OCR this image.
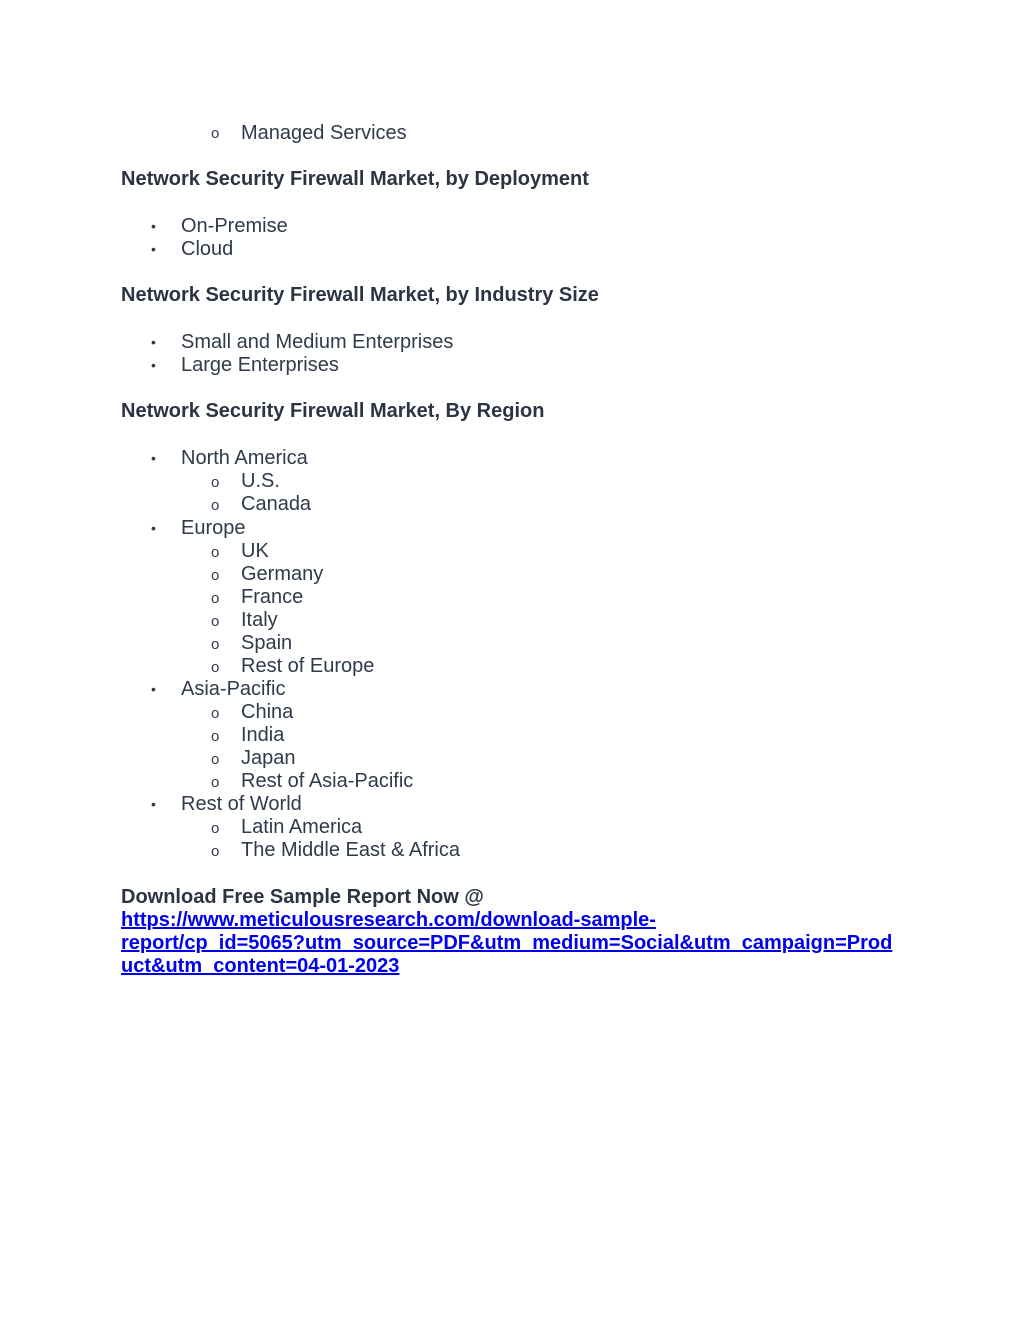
o Managed Services
Network Security Firewall Market, by Deployment
• On-Premise
• Cloud
Network Security Firewall Market, by Industry Size
• Small and Medium Enterprises
• Large Enterprises
Network Security Firewall Market, By Region
• North America
o U.S.
o Canada
• Europe
o UK
o Germany
o France
o Italy
o Spain
o Rest of Europe
• Asia-Pacific
o China
o India
o Japan
o Rest of Asia-Pacific
• Rest of World
o Latin America
o The Middle East & Africa
Download Free Sample Report Now @
https://www.meticulousresearch.com/download-sample-
report/cp_id=5065?utm_source=PDF&utm_medium=Social&utm_campaign=Prod
uct&utm_content=04-01-2023
